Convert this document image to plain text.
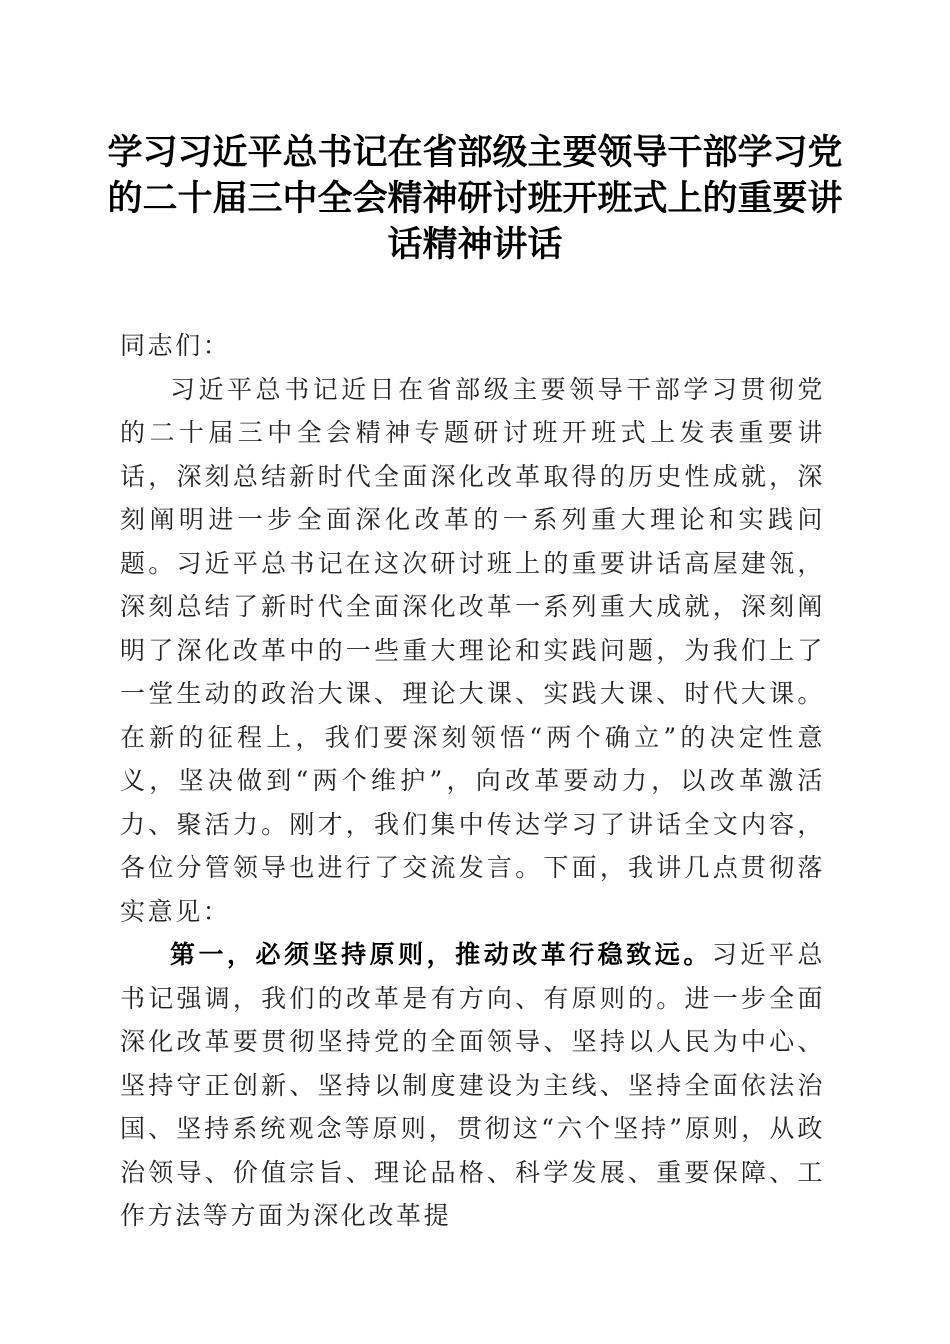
学习习近平总书记在省部级主要领导干部学习党的二十届三中全会精神研讨班开班式上的重要讲话精神讲话

同志们：

习近平总书记近日在省部级主要领导干部学习贯彻党的二十届三中全会精神专题研讨班开班式上发表重要讲话，深刻总结新时代全面深化改革取得的历史性成就，深刻阐明进一步全面深化改革的一系列重大理论和实践问题。习近平总书记在这次研讨班上的重要讲话高屋建瓴，深刻总结了新时代全面深化改革一系列重大成就，深刻阐明了深化改革中的一些重大理论和实践问题，为我们上了一堂生动的政治大课、理论大课、实践大课、时代大课。在新的征程上，我们要深刻领悟“两个确立”的决定性意义，坚决做到“两个维护”，向改革要动力，以改革激活力、聚活力。刚才，我们集中传达学习了讲话全文内容，各位分管领导也进行了交流发言。下面，我讲几点贯彻落实意见：

第一，必须坚持原则，推动改革行稳致远。习近平总书记强调，我们的改革是有方向、有原则的。进一步全面深化改革要贯彻坚持党的全面领导、坚持以人民为中心、坚持守正创新、坚持以制度建设为主线、坚持全面依法治国、坚持系统观念等原则，贯彻这“六个坚持”原则，从政治领导、价值宗旨、理论品格、科学发展、重要保障、工作方法等方面为深化改革提
